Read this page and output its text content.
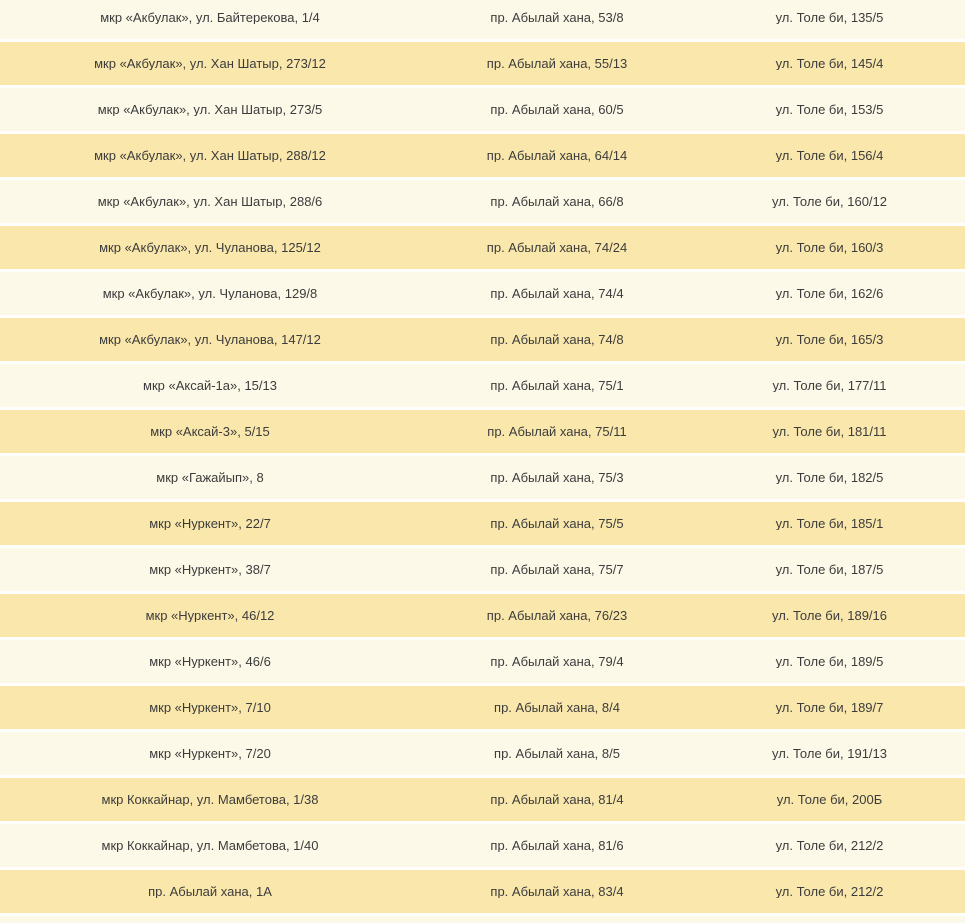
мкр «Акбулак», ул. Байтерекова, 1/4	пр. Абылай хана, 53/8	ул. Толе би, 135/5
мкр «Акбулак», ул. Хан Шатыр, 273/12	пр. Абылай хана, 55/13	ул. Толе би, 145/4
мкр «Акбулак», ул. Хан Шатыр, 273/5	пр. Абылай хана, 60/5	ул. Толе би, 153/5
мкр «Акбулак», ул. Хан Шатыр, 288/12	пр. Абылай хана, 64/14	ул. Толе би, 156/4
мкр «Акбулак», ул. Хан Шатыр, 288/6	пр. Абылай хана, 66/8	ул. Толе би, 160/12
мкр «Акбулак», ул. Чуланова, 125/12	пр. Абылай хана, 74/24	ул. Толе би, 160/3
мкр «Акбулак», ул. Чуланова, 129/8	пр. Абылай хана, 74/4	ул. Толе би, 162/6
мкр «Акбулак», ул. Чуланова, 147/12	пр. Абылай хана, 74/8	ул. Толе би, 165/3
мкр «Аксай-1а», 15/13	пр. Абылай хана, 75/1	ул. Толе би, 177/11
мкр «Аксай-3», 5/15	пр. Абылай хана, 75/11	ул. Толе би, 181/11
мкр «Гажайып», 8	пр. Абылай хана, 75/3	ул. Толе би, 182/5
мкр «Нуркент», 22/7	пр. Абылай хана, 75/5	ул. Толе би, 185/1
мкр «Нуркент», 38/7	пр. Абылай хана, 75/7	ул. Толе би, 187/5
мкр «Нуркент», 46/12	пр. Абылай хана, 76/23	ул. Толе би, 189/16
мкр «Нуркент», 46/6	пр. Абылай хана, 79/4	ул. Толе би, 189/5
мкр «Нуркент», 7/10	пр. Абылай хана, 8/4	ул. Толе би, 189/7
мкр «Нуркент», 7/20	пр. Абылай хана, 8/5	ул. Толе би, 191/13
мкр Коккайнар, ул. Мамбетова, 1/38	пр. Абылай хана, 81/4	ул. Толе би, 200Б
мкр Коккайнар, ул. Мамбетова, 1/40	пр. Абылай хана, 81/6	ул. Толе би, 212/2
пр. Абылай хана, 1А	пр. Абылай хана, 83/4	ул. Толе би, 212/2
